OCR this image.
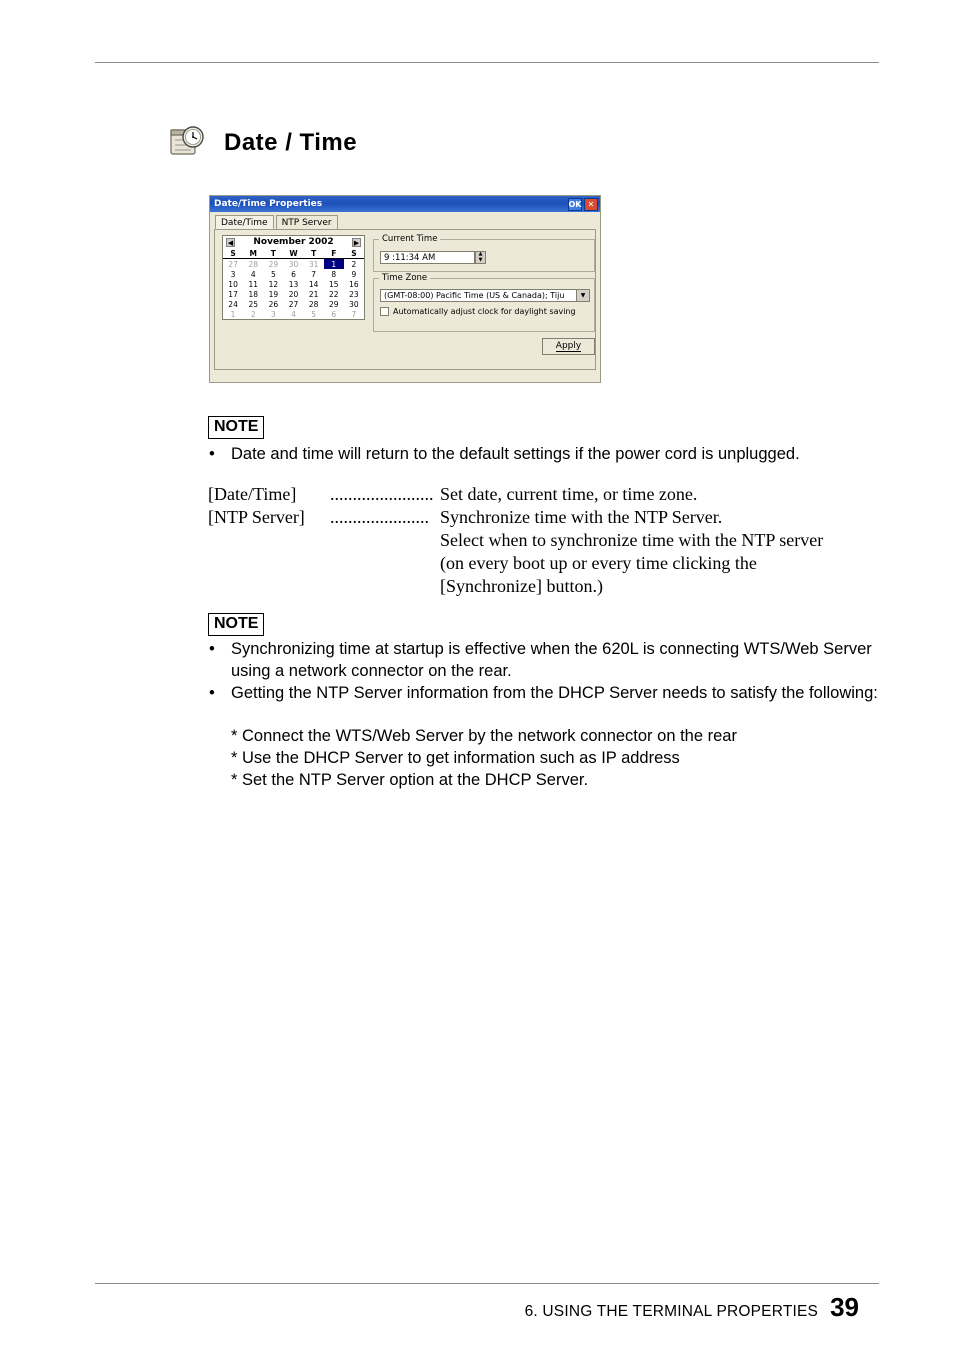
Date / Time
Date/Time Properties	OK ✕
Date/Time	NTP Server
◀ November 2002	▶
S	M	T	W	T	F	S
27	28	29	30	31	1	2
3	4	5	6	7	8	9
10	11	12	13	14	15	16
17	18	19	20	21	22	23
24	25	26	27	28	29	30
1	2	3	4	5	6	7
Current Time
9 :11:34 AM	▲
▼
Time Zone
(GMT-08:00) Pacific Time (US & Canada); Tiju	▼
Automatically adjust clock for daylight saving
Apply
NOTE
• Date and time will return to the default settings if the power cord is unplugged.
[Date/Time]	....................... Set date, current time, or time zone.
[NTP Server]	...................... Synchronize time with the NTP Server.
Select when to synchronize time with the NTP server
(on every boot up or every time clicking the
[Synchronize] button.)
NOTE
• Synchronizing time at startup is effective when the 620L is connecting WTS/Web Server using a network connector on the rear.
• Getting the NTP Server information from the DHCP Server needs to satisfy the following:
* Connect the WTS/Web Server by the network connector on the rear
* Use the DHCP Server to get information such as IP address
* Set the NTP Server option at the DHCP Server.
6. USING THE TERMINAL PROPERTIES 39
